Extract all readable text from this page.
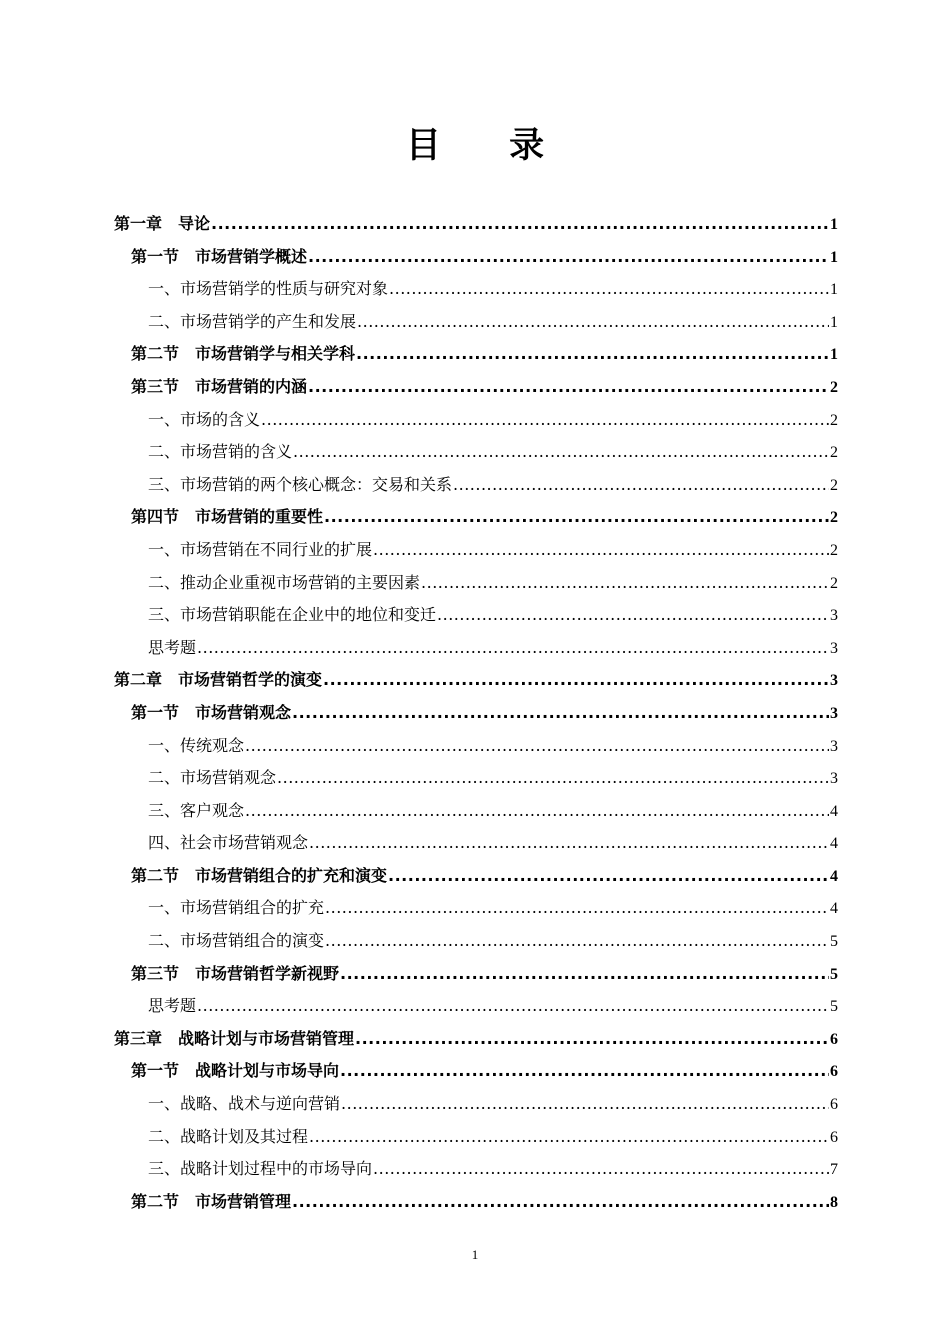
目 录
第一章　导论 .....	1
第一节　市场营销学概述 .....	1
一、市场营销学的性质与研究对象 .....	1
二、市场营销学的产生和发展 .....	1
第二节　市场营销学与相关学科 .....	1
第三节　市场营销的内涵 .....	2
一、市场的含义 .....	2
二、市场营销的含义 .....	2
三、市场营销的两个核心概念：交易和关系 .....	2
第四节　市场营销的重要性 .....	2
一、市场营销在不同行业的扩展 .....	2
二、推动企业重视市场营销的主要因素 .....	2
三、市场营销职能在企业中的地位和变迁 .....	3
思考题 .....	3
第二章　市场营销哲学的演变 .....	3
第一节　市场营销观念 .....	3
一、传统观念 .....	3
二、市场营销观念 .....	3
三、客户观念 .....	4
四、社会市场营销观念 .....	4
第二节　市场营销组合的扩充和演变 .....	4
一、市场营销组合的扩充 .....	4
二、市场营销组合的演变 .....	5
第三节　市场营销哲学新视野 .....	5
思考题 .....	5
第三章　战略计划与市场营销管理 .....	6
第一节　战略计划与市场导向 .....	6
一、战略、战术与逆向营销 .....	6
二、战略计划及其过程 .....	6
三、战略计划过程中的市场导向 .....	7
第二节　市场营销管理 .....	8
1
